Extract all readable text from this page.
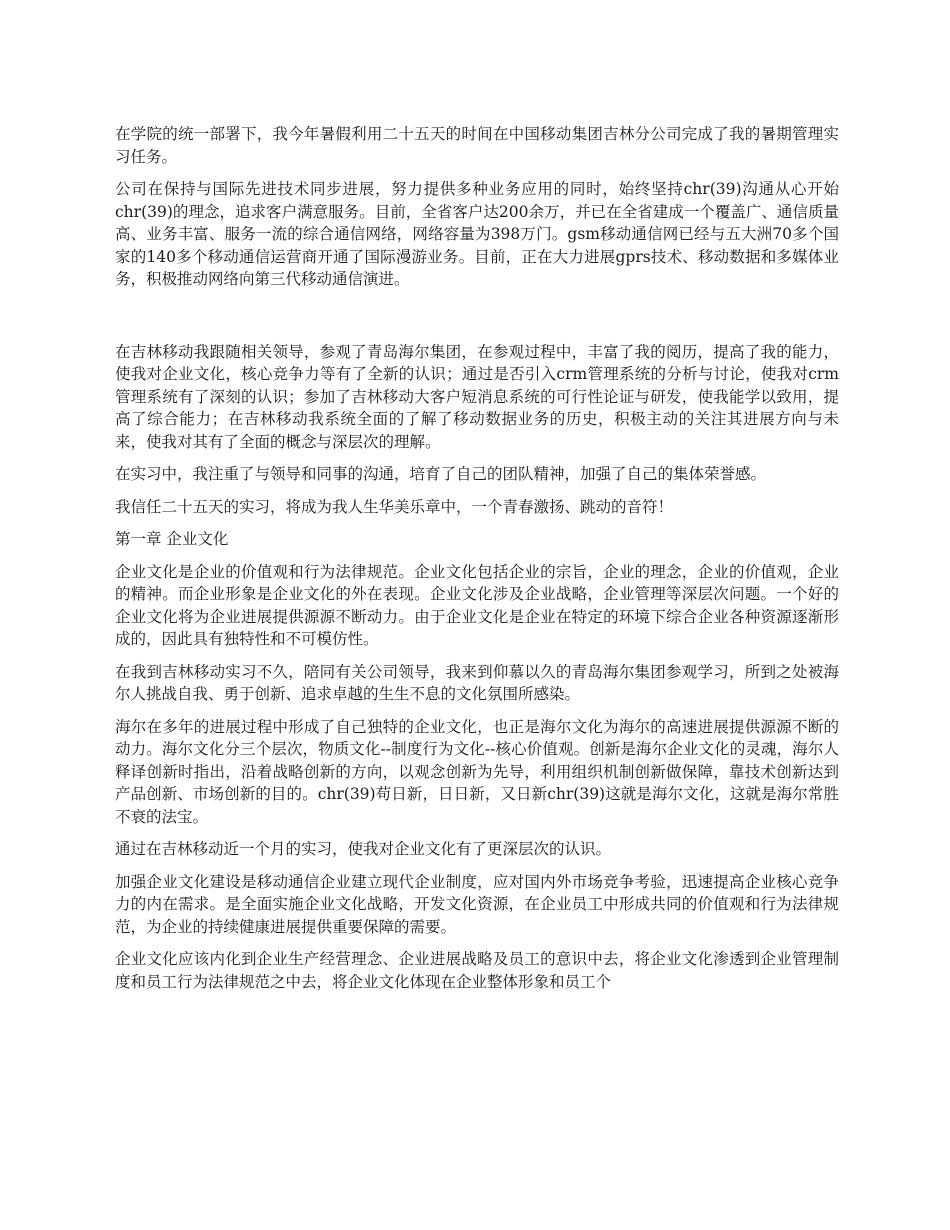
在学院的统一部署下，我今年暑假利用二十五天的时间在中国移动集团吉林分公司完成了我的暑期管理实习任务。

公司在保持与国际先进技术同步进展，努力提供多种业务应用的同时，始终坚持chr(39)沟通从心开始chr(39)的理念，追求客户满意服务。目前，全省客户达200余万，并已在全省建成一个覆盖广、通信质量高、业务丰富、服务一流的综合通信网络，网络容量为398万门。gsm移动通信网已经与五大洲70多个国家的140多个移动通信运营商开通了国际漫游业务。目前，正在大力进展gprs技术、移动数据和多媒体业务，积极推动网络向第三代移动通信演进。

在吉林移动我跟随相关领导，参观了青岛海尔集团，在参观过程中，丰富了我的阅历，提高了我的能力，使我对企业文化，核心竞争力等有了全新的认识；通过是否引入crm管理系统的分析与讨论，使我对crm管理系统有了深刻的认识；参加了吉林移动大客户短消息系统的可行性论证与研发，使我能学以致用，提高了综合能力；在吉林移动我系统全面的了解了移动数据业务的历史，积极主动的关注其进展方向与未来，使我对其有了全面的概念与深层次的理解。

在实习中，我注重了与领导和同事的沟通，培育了自己的团队精神，加强了自己的集体荣誉感。

我信任二十五天的实习，将成为我人生华美乐章中，一个青春激扬、跳动的音符！

第一章 企业文化

企业文化是企业的价值观和行为法律规范。企业文化包括企业的宗旨，企业的理念，企业的价值观，企业的精神。而企业形象是企业文化的外在表现。企业文化涉及企业战略，企业管理等深层次问题。一个好的企业文化将为企业进展提供源源不断动力。由于企业文化是企业在特定的环境下综合企业各种资源逐渐形成的，因此具有独特性和不可模仿性。

在我到吉林移动实习不久，陪同有关公司领导，我来到仰慕以久的青岛海尔集团参观学习，所到之处被海尔人挑战自我、勇于创新、追求卓越的生生不息的文化氛围所感染。

海尔在多年的进展过程中形成了自己独特的企业文化，也正是海尔文化为海尔的高速进展提供源源不断的动力。海尔文化分三个层次，物质文化--制度行为文化--核心价值观。创新是海尔企业文化的灵魂，海尔人释译创新时指出，沿着战略创新的方向，以观念创新为先导，利用组织机制创新做保障，靠技术创新达到产品创新、市场创新的目的。chr(39)苟日新，日日新，又日新chr(39)这就是海尔文化，这就是海尔常胜不衰的法宝。

通过在吉林移动近一个月的实习，使我对企业文化有了更深层次的认识。

加强企业文化建设是移动通信企业建立现代企业制度，应对国内外市场竞争考验，迅速提高企业核心竞争力的内在需求。是全面实施企业文化战略，开发文化资源，在企业员工中形成共同的价值观和行为法律规范，为企业的持续健康进展提供重要保障的需要。

企业文化应该内化到企业生产经营理念、企业进展战略及员工的意识中去，将企业文化渗透到企业管理制度和员工行为法律规范之中去，将企业文化体现在企业整体形象和员工个
